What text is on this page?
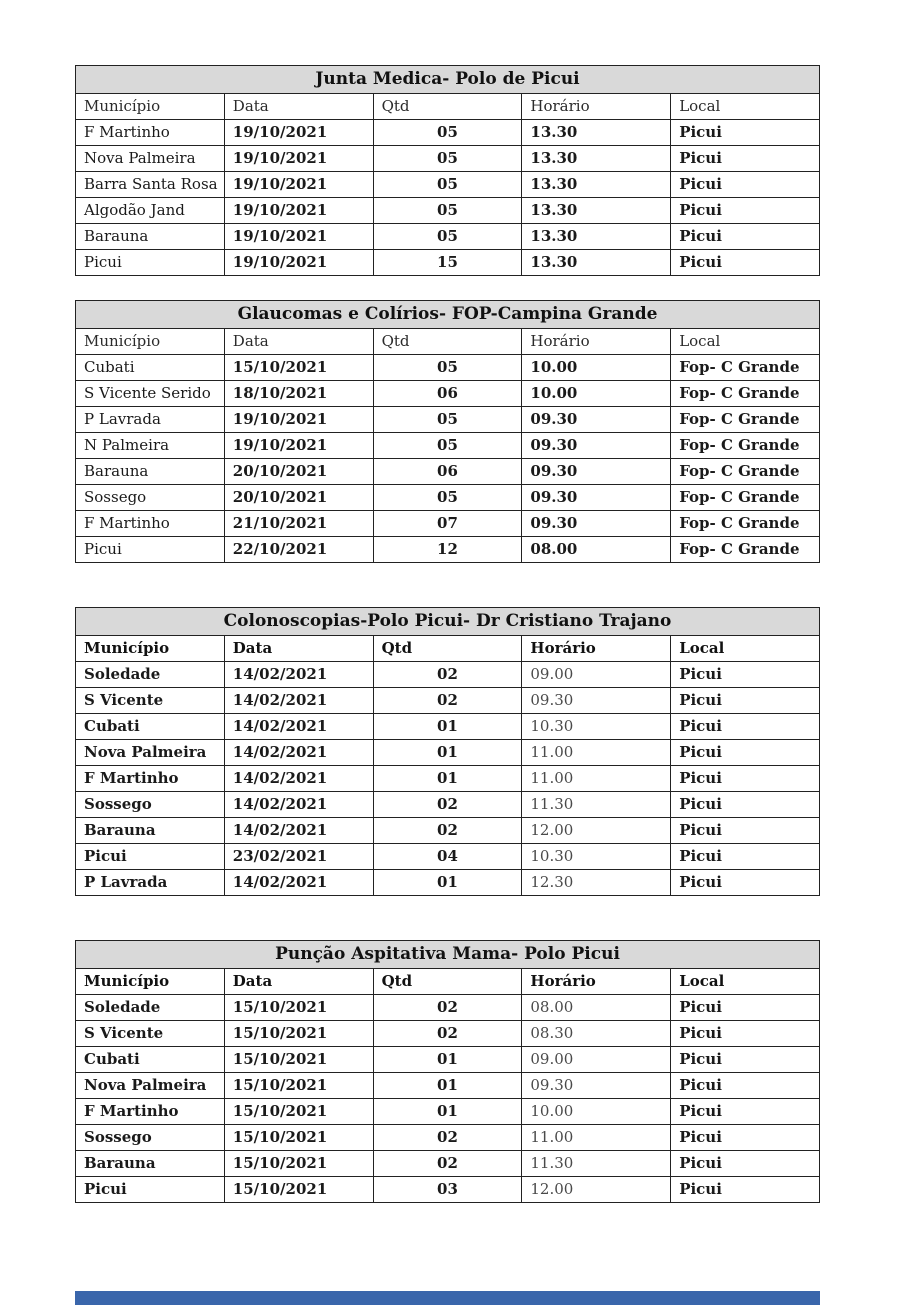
Junta Medica- Polo de Picui				
Município	Data	Qtd	Horário	Local
F Martinho	19/10/2021	05	13.30	Picui
Nova Palmeira	19/10/2021	05	13.30	Picui
Barra Santa Rosa	19/10/2021	05	13.30	Picui
Algodão Jand	19/10/2021	05	13.30	Picui
Barauna	19/10/2021	05	13.30	Picui
Picui	19/10/2021	15	13.30	Picui
Glaucomas e Colírios- FOP-Campina Grande				
Município	Data	Qtd	Horário	Local
Cubati	15/10/2021	05	10.00	Fop- C Grande
S Vicente Serido	18/10/2021	06	10.00	Fop- C Grande
P Lavrada	19/10/2021	05	09.30	Fop- C Grande
N Palmeira	19/10/2021	05	09.30	Fop- C Grande
Barauna	20/10/2021	06	09.30	Fop- C Grande
Sossego	20/10/2021	05	09.30	Fop- C Grande
F Martinho	21/10/2021	07	09.30	Fop- C Grande
Picui	22/10/2021	12	08.00	Fop- C Grande
Colonoscopias-Polo Picui- Dr Cristiano Trajano				
Município	Data	Qtd	Horário	Local
Soledade	14/02/2021	02	09.00	Picui
S Vicente	14/02/2021	02	09.30	Picui
Cubati	14/02/2021	01	10.30	Picui
Nova Palmeira	14/02/2021	01	11.00	Picui
F Martinho	14/02/2021	01	11.00	Picui
Sossego	14/02/2021	02	11.30	Picui
Barauna	14/02/2021	02	12.00	Picui
Picui	23/02/2021	04	10.30	Picui
P Lavrada	14/02/2021	01	12.30	Picui
Punção Aspitativa Mama- Polo Picui				
Município	Data	Qtd	Horário	Local
Soledade	15/10/2021	02	08.00	Picui
S Vicente	15/10/2021	02	08.30	Picui
Cubati	15/10/2021	01	09.00	Picui
Nova Palmeira	15/10/2021	01	09.30	Picui
F Martinho	15/10/2021	01	10.00	Picui
Sossego	15/10/2021	02	11.00	Picui
Barauna	15/10/2021	02	11.30	Picui
Picui	15/10/2021	03	12.00	Picui
